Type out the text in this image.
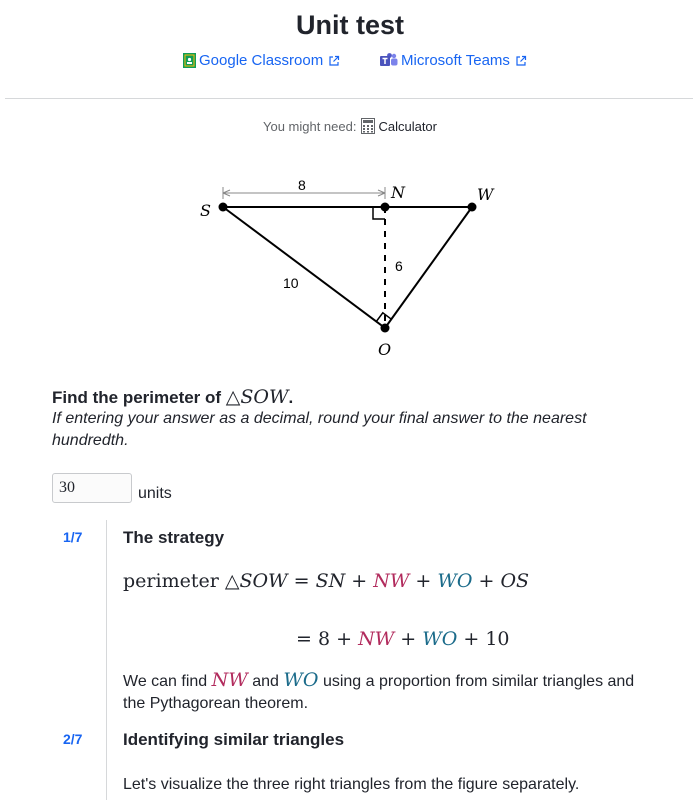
Unit test
Google Classroom	Microsoft Teams
You might need: Calculator
S
N	W
O
8
6
10
Find the perimeter of △SOW.
If entering your answer as a decimal, round your final answer to the nearest hundredth.
30
units
1/7 The strategy
perimeter △SOW = SN + NW + WO + OS
= 8 + NW + WO + 10
We can find NW and WO using a proportion from similar triangles and the Pythagorean theorem.
2/7 Identifying similar triangles
Let's visualize the three right triangles from the figure separately.
